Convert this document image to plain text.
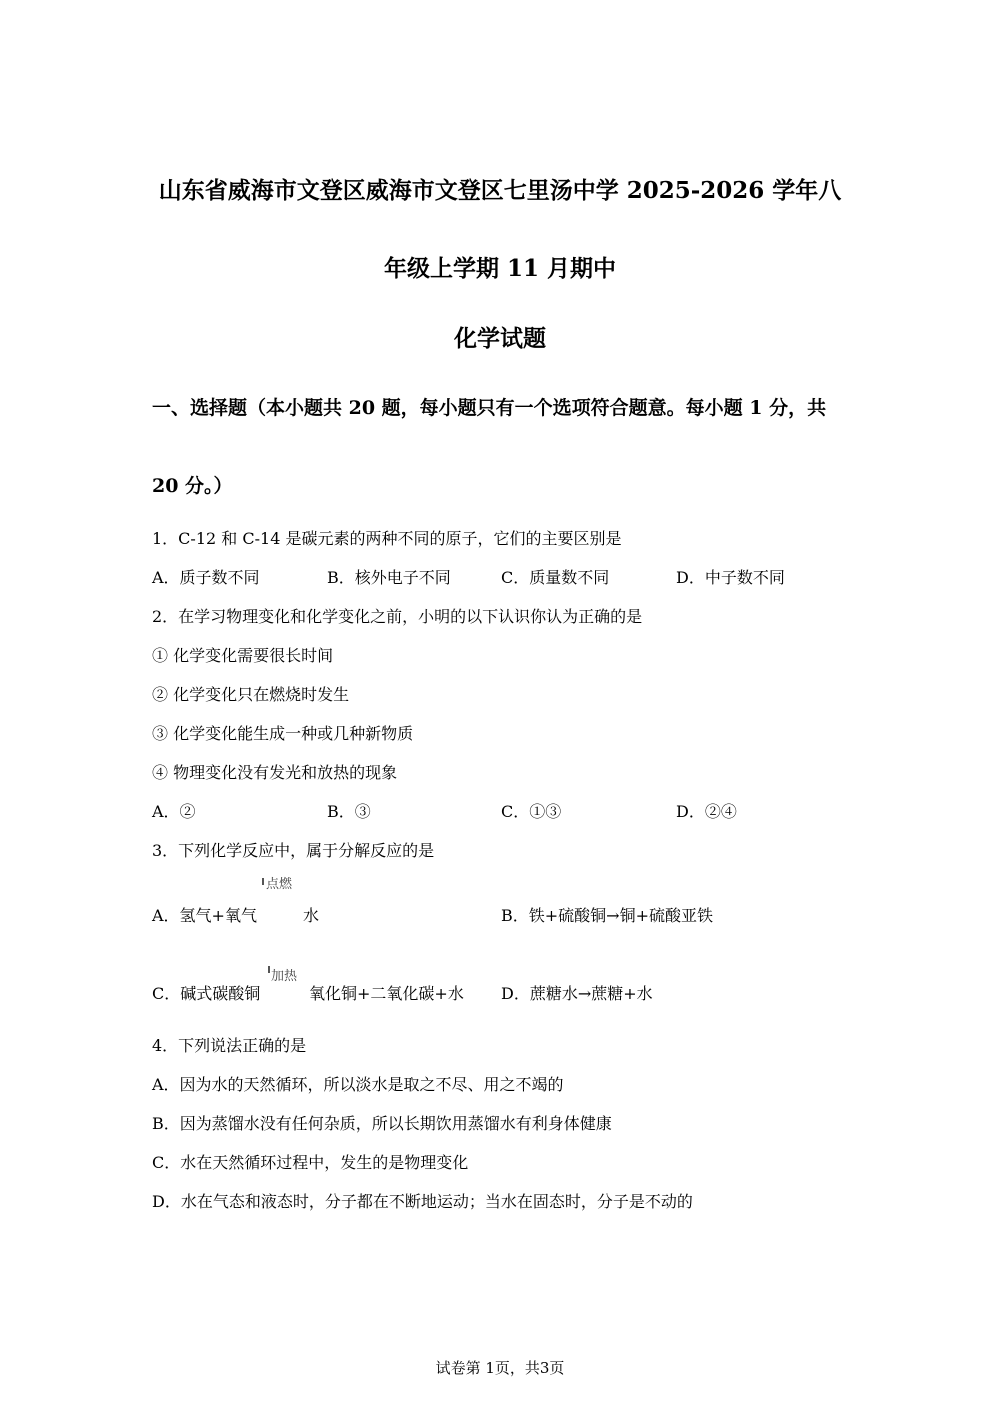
山东省威海市文登区威海市文登区七里汤中学 2025-2026 学年八
年级上学期 11 月期中
化学试题
一、选择题（本小题共 20 题，每小题只有一个选项符合题意。每小题 1 分，共
20 分。）
1．C-12 和 C-14 是碳元素的两种不同的原子，它们的主要区别是
A．质子数不同	B．核外电子不同	C．质量数不同	D．中子数不同
2．在学习物理变化和化学变化之前，小明的以下认识你认为正确的是
① 化学变化需要很长时间
② 化学变化只在燃烧时发生
③ 化学变化能生成一种或几种新物质
④ 物理变化没有发光和放热的现象
A．②	B．③	C．①③	D．②④
3．下列化学反应中，属于分解反应的是
A．氢气+氧气
点燃
水	B．铁+硫酸铜→铜+硫酸亚铁
C．碱式碳酸铜
加热
氧化铜+二氧化碳+水 D．蔗糖水→蔗糖+水
4．下列说法正确的是
A．因为水的天然循环，所以淡水是取之不尽、用之不竭的
B．因为蒸馏水没有任何杂质，所以长期饮用蒸馏水有利身体健康
C．水在天然循环过程中，发生的是物理变化
D．水在气态和液态时，分子都在不断地运动；当水在固态时，分子是不动的
试卷第 1页，共3页
